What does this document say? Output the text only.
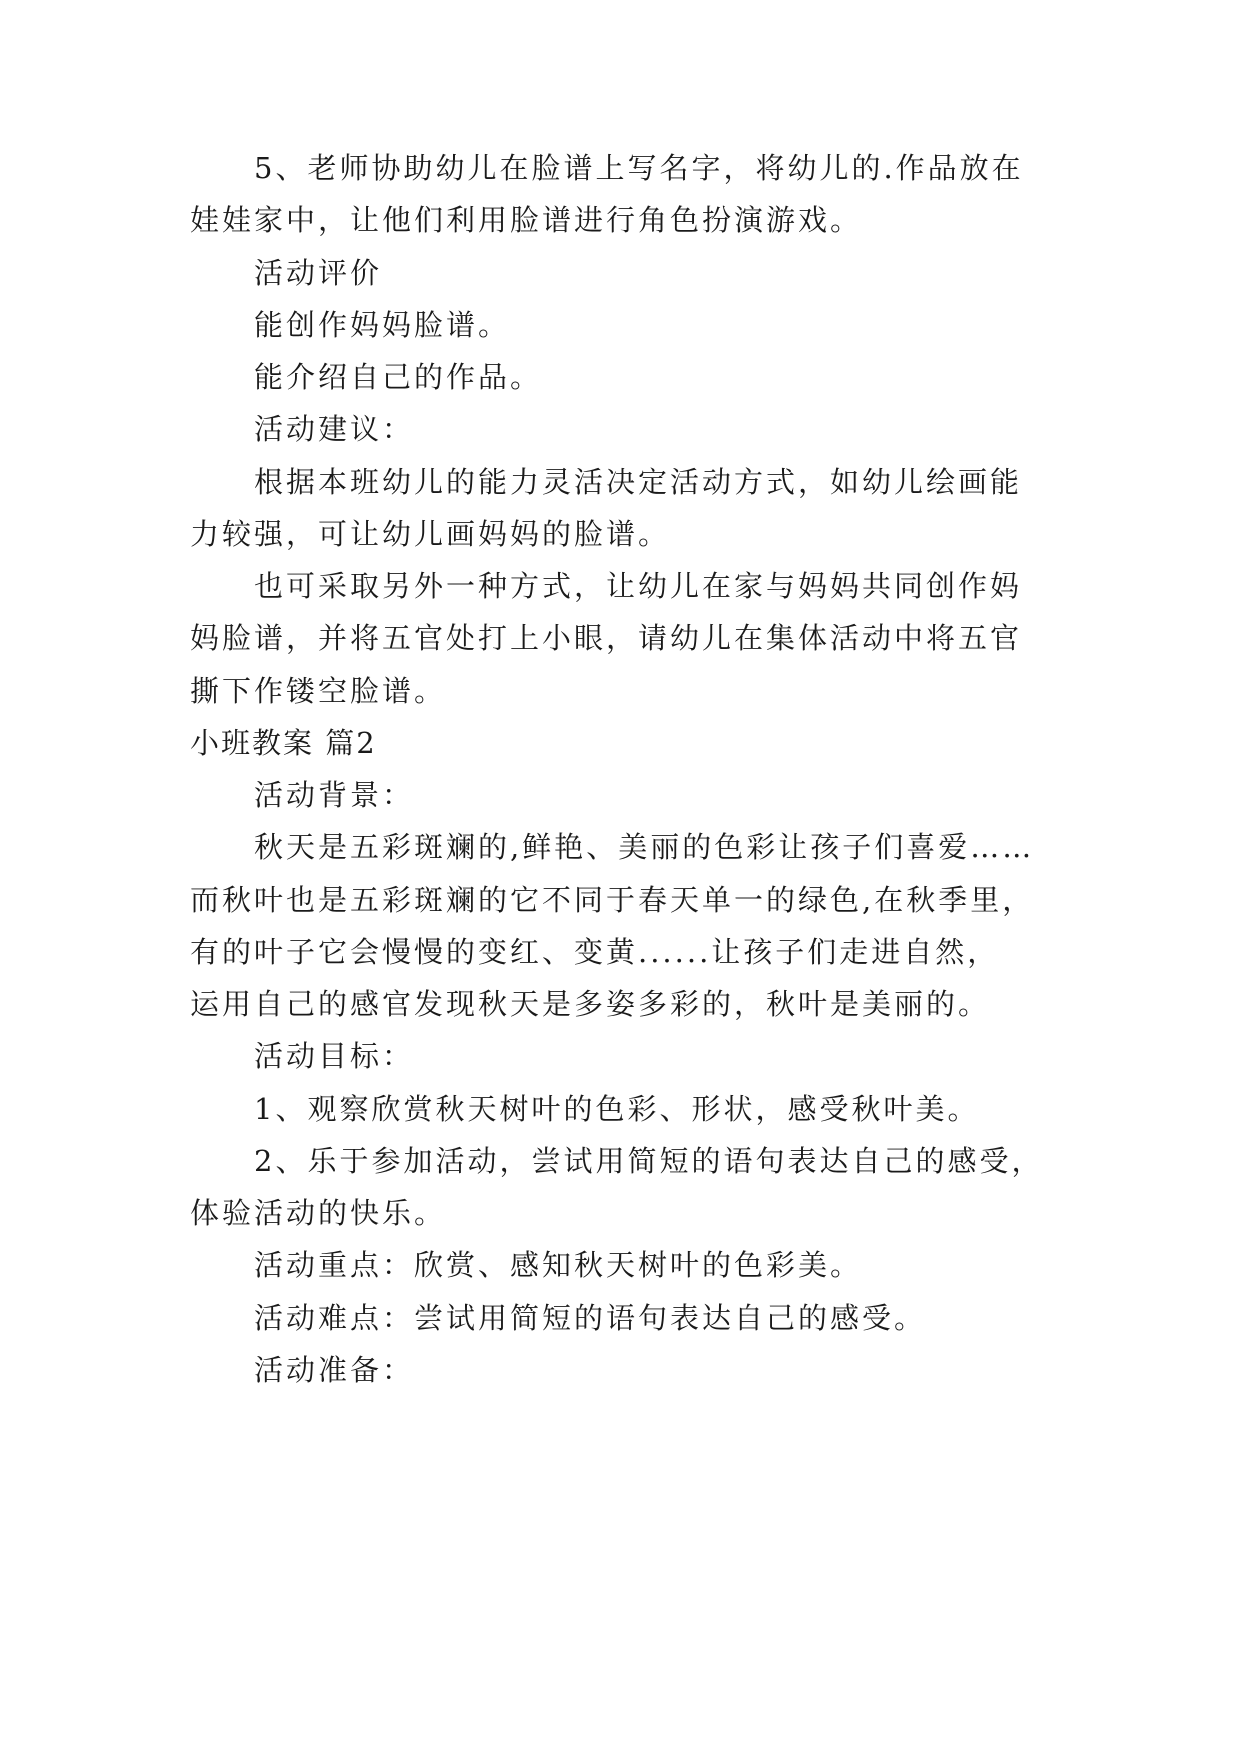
5、老师协助幼儿在脸谱上写名字，将幼儿的.作品放在
娃娃家中，让他们利用脸谱进行角色扮演游戏。
活动评价
能创作妈妈脸谱。
能介绍自己的作品。
活动建议：
根据本班幼儿的能力灵活决定活动方式，如幼儿绘画能
力较强，可让幼儿画妈妈的脸谱。
也可采取另外一种方式，让幼儿在家与妈妈共同创作妈
妈脸谱，并将五官处打上小眼，请幼儿在集体活动中将五官
撕下作镂空脸谱。
小班教案 篇2
活动背景：
秋天是五彩斑斓的,鲜艳、美丽的色彩让孩子们喜爱……
而秋叶也是五彩斑斓的它不同于春天单一的绿色,在秋季里，
有的叶子它会慢慢的变红、变黄......让孩子们走进自然，
运用自己的感官发现秋天是多姿多彩的，秋叶是美丽的。
活动目标：
1、观察欣赏秋天树叶的色彩、形状，感受秋叶美。
2、乐于参加活动，尝试用简短的语句表达自己的感受，
体验活动的快乐。
活动重点：欣赏、感知秋天树叶的色彩美。
活动难点：尝试用简短的语句表达自己的感受。
活动准备：
